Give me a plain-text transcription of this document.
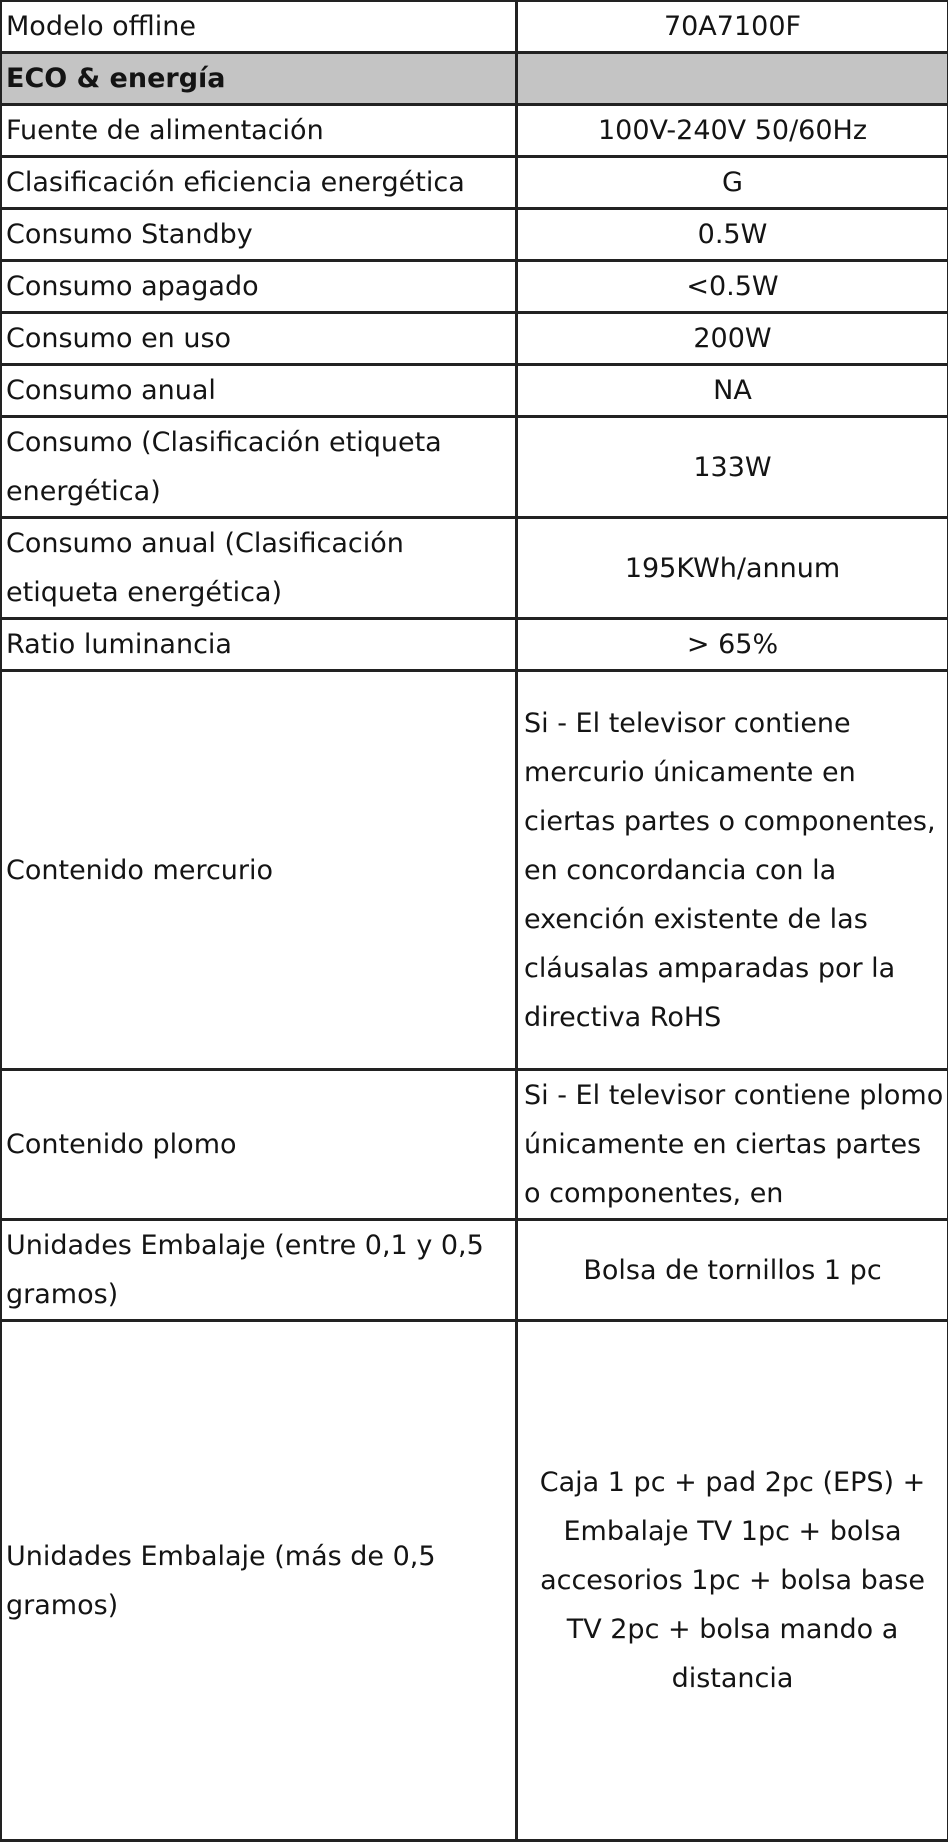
Modelo offline	70A7100F
ECO & energía	
Fuente de alimentación	100V-240V 50/60Hz
Clasificación eficiencia energética	G
Consumo Standby	0.5W
Consumo apagado	<0.5W
Consumo en uso	200W
Consumo anual	NA
Consumo (Clasificación etiqueta energética)	133W
Consumo anual (Clasificación etiqueta energética)	195KWh/annum
Ratio luminancia	> 65%
Contenido mercurio	Si - El televisor contiene mercurio únicamente en ciertas partes o componentes, en concordancia con la exención existente de las cláusalas amparadas por la directiva RoHS
Contenido plomo	Si - El televisor contiene plomo únicamente en ciertas partes o componentes, en

Unidades Embalaje (entre 0,1 y 0,5 gramos)	Bolsa de tornillos 1 pc
Unidades Embalaje (más de 0,5 gramos)	Caja 1 pc + pad 2pc (EPS) + Embalaje TV 1pc + bolsa accesorios 1pc + bolsa base TV 2pc + bolsa mando a distancia
